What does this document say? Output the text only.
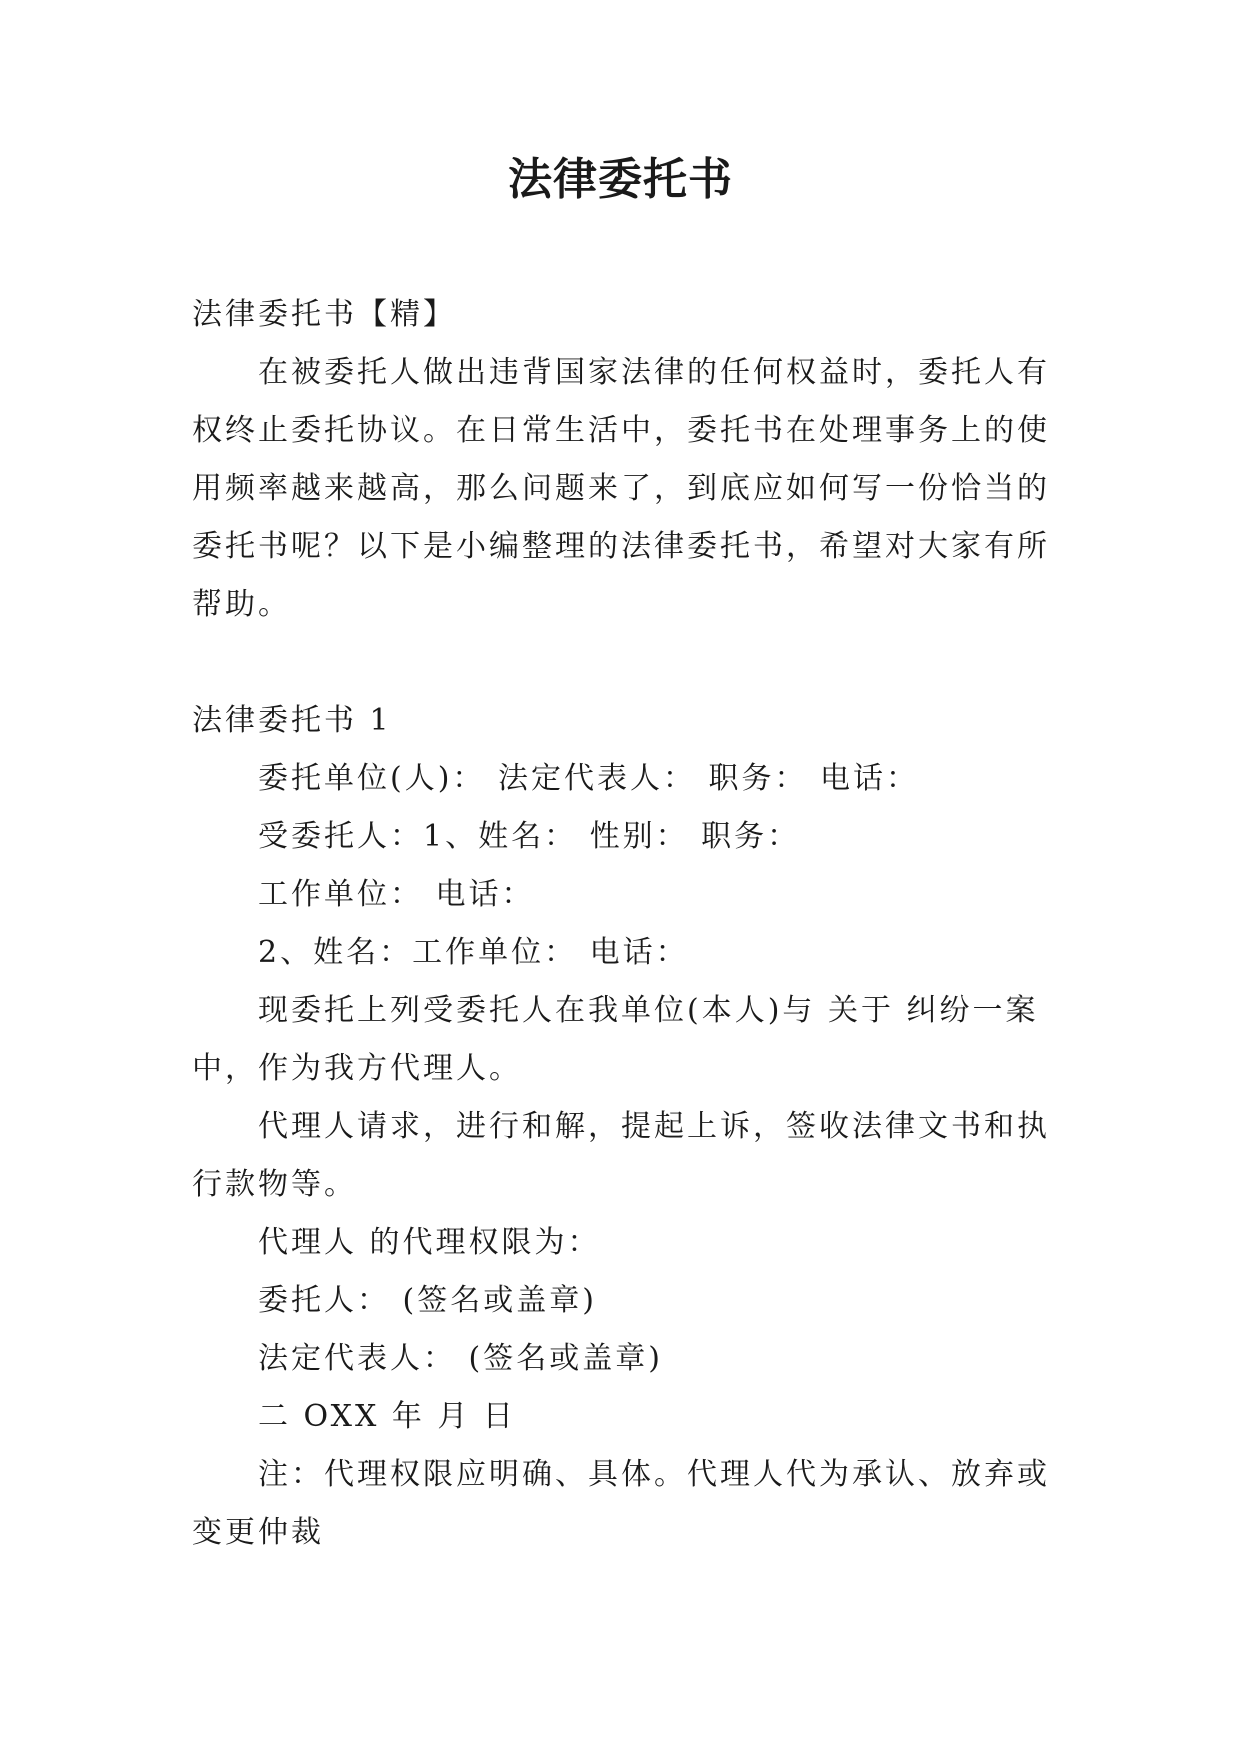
法律委托书
法律委托书【精】
在被委托人做出违背国家法律的任何权益时，委托人有
权终止委托协议。在日常生活中，委托书在处理事务上的使
用频率越来越高，那么问题来了，到底应如何写一份恰当的
委托书呢？以下是小编整理的法律委托书，希望对大家有所
帮助。
法律委托书 1
委托单位(人)： 法定代表人： 职务： 电话：
受委托人：1、姓名： 性别： 职务：
工作单位： 电话：
2、姓名：工作单位： 电话：
现委托上列受委托人在我单位(本人)与 关于 纠纷一案
中，作为我方代理人。
代理人请求，进行和解，提起上诉，签收法律文书和执
行款物等。
代理人 的代理权限为：
委托人： (签名或盖章)
法定代表人： (签名或盖章)
二 OXX 年 月 日
注：代理权限应明确、具体。代理人代为承认、放弃或
变更仲裁
